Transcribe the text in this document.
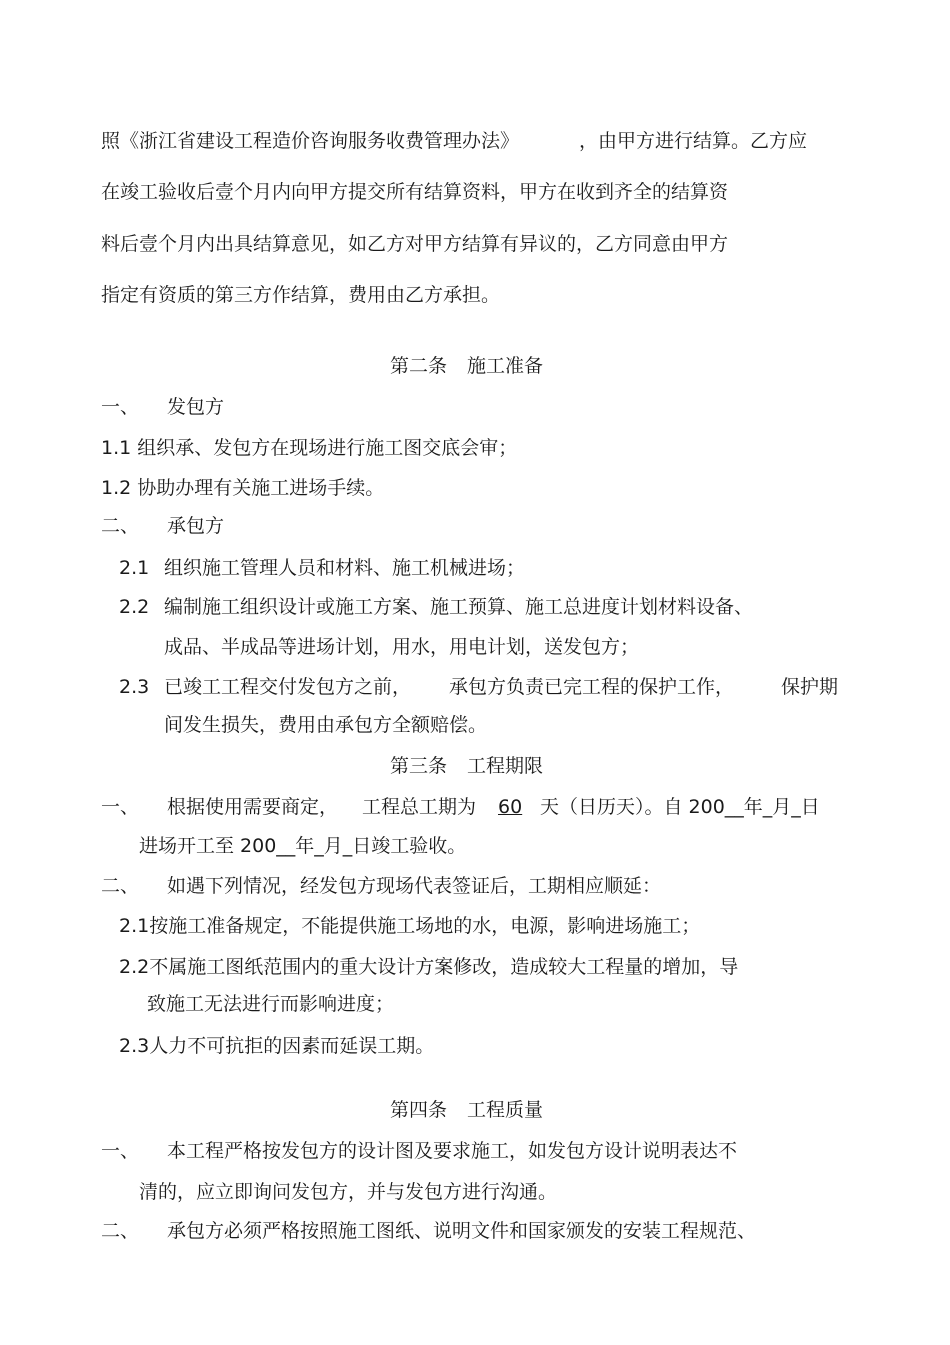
照《浙江省建设工程造价咨询服务收费管理办法》	，由甲方进行结算。乙方应
在竣工验收后壹个月内向甲方提交所有结算资料，甲方在收到齐全的结算资
料后壹个月内出具结算意见，如乙方对甲方结算有异议的，乙方同意由甲方
指定有资质的第三方作结算，费用由乙方承担。
第二条 施工准备
一、 发包方
1.1 组织承、发包方在现场进行施工图交底会审；
1.2 协助办理有关施工进场手续。
二、 承包方
2.1 组织施工管理人员和材料、施工机械进场；
2.2 编制施工组织设计或施工方案、施工预算、施工总进度计划材料设备、
成品、半成品等进场计划，用水，用电计划，送发包方；
2.3 已竣工工程交付发包方之前， 承包方负责已完工程的保护工作， 保护期
间发生损失，费用由承包方全额赔偿。
第三条 工程期限
一、 根据使用需要商定， 工程总工期为 60 天（日历天）。自 200__年_月_日
进场开工至 200__年_月_日竣工验收。
二、 如遇下列情况，经发包方现场代表签证后，工期相应顺延：
2.1按施工准备规定，不能提供施工场地的水，电源，影响进场施工；
2.2不属施工图纸范围内的重大设计方案修改，造成较大工程量的增加，导
致施工无法进行而影响进度；
2.3人力不可抗拒的因素而延误工期。
第四条 工程质量
一、 本工程严格按发包方的设计图及要求施工，如发包方设计说明表达不
清的，应立即询问发包方，并与发包方进行沟通。
二、 承包方必须严格按照施工图纸、说明文件和国家颁发的安装工程规范、
